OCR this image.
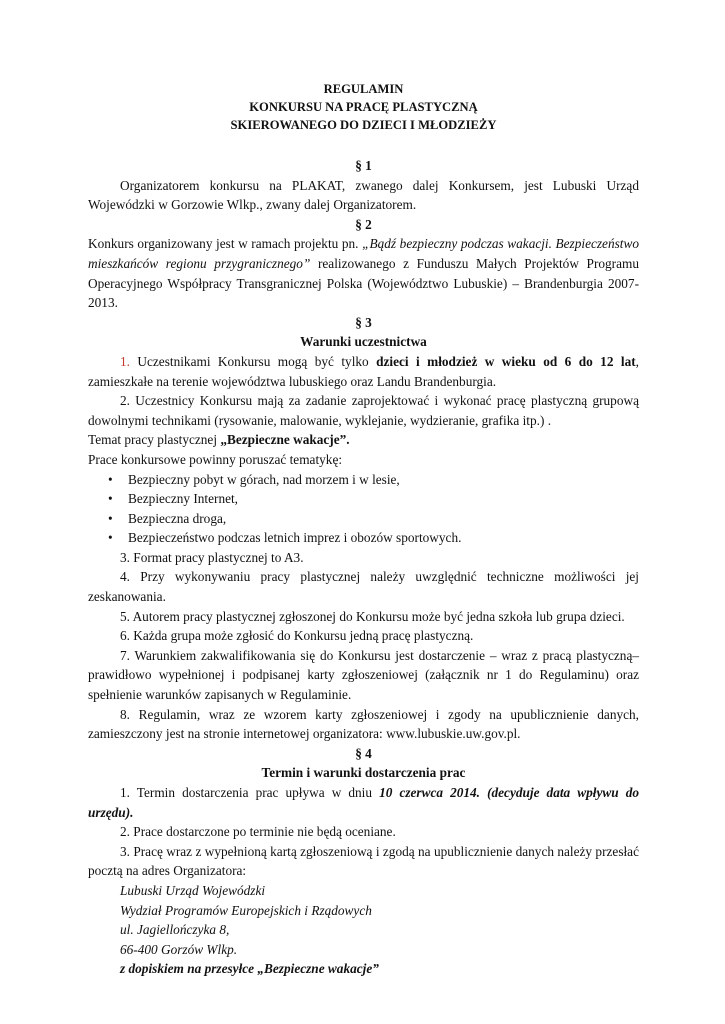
REGULAMIN
KONKURSU NA PRACĘ PLASTYCZNĄ
SKIEROWANEGO DO DZIECI I MŁODZIEŻY

§ 1

Organizatorem konkursu na PLAKAT, zwanego dalej Konkursem, jest Lubuski Urząd Wojewódzki w Gorzowie Wlkp., zwany dalej Organizatorem.

§ 2

Konkurs organizowany jest w ramach projektu pn. „Bądź bezpieczny podczas wakacji. Bezpieczeństwo mieszkańców regionu przygranicznego” realizowanego z Funduszu Małych Projektów Programu Operacyjnego Współpracy Transgranicznej Polska (Województwo Lubuskie) – Brandenburgia 2007-2013.

§ 3

Warunki uczestnictwa

1. Uczestnikami Konkursu mogą być tylko dzieci i młodzież w wieku od 6 do 12 lat, zamieszkałe na terenie województwa lubuskiego oraz Landu Brandenburgia.

2. Uczestnicy Konkursu mają za zadanie zaprojektować i wykonać pracę plastyczną grupową dowolnymi technikami (rysowanie, malowanie, wyklejanie, wydzieranie, grafika itp.) .

Temat pracy plastycznej „Bezpieczne wakacje”.

Prace konkursowe powinny poruszać tematykę:

• Bezpieczny pobyt w górach, nad morzem i w lesie,
• Bezpieczny Internet,
• Bezpieczna droga,
• Bezpieczeństwo podczas letnich imprez i obozów sportowych.

3. Format pracy plastycznej to A3.

4. Przy wykonywaniu pracy plastycznej należy uwzględnić techniczne możliwości jej zeskanowania.

5. Autorem pracy plastycznej zgłoszonej do Konkursu może być jedna szkoła lub grupa dzieci.

6. Każda grupa może zgłosić do Konkursu jedną pracę plastyczną.

7. Warunkiem zakwalifikowania się do Konkursu jest dostarczenie – wraz z pracą plastyczną– prawidłowo wypełnionej i podpisanej karty zgłoszeniowej (załącznik nr 1 do Regulaminu) oraz spełnienie warunków zapisanych w Regulaminie.

8. Regulamin, wraz ze wzorem karty zgłoszeniowej i zgody na upublicznienie danych, zamieszczony jest na stronie internetowej organizatora: www.lubuskie.uw.gov.pl.

§ 4

Termin i warunki dostarczenia prac

1. Termin dostarczenia prac upływa w dniu 10 czerwca 2014. (decyduje data wpływu do urzędu).

2. Prace dostarczone po terminie nie będą oceniane.

3. Pracę wraz z wypełnioną kartą zgłoszeniową i zgodą na upublicznienie danych należy przesłać pocztą na adres Organizatora:

Lubuski Urząd Wojewódzki

Wydział Programów Europejskich i Rządowych

ul. Jagiellończyka 8,

66-400 Gorzów Wlkp.

z dopiskiem na przesyłce „Bezpieczne wakacje”
